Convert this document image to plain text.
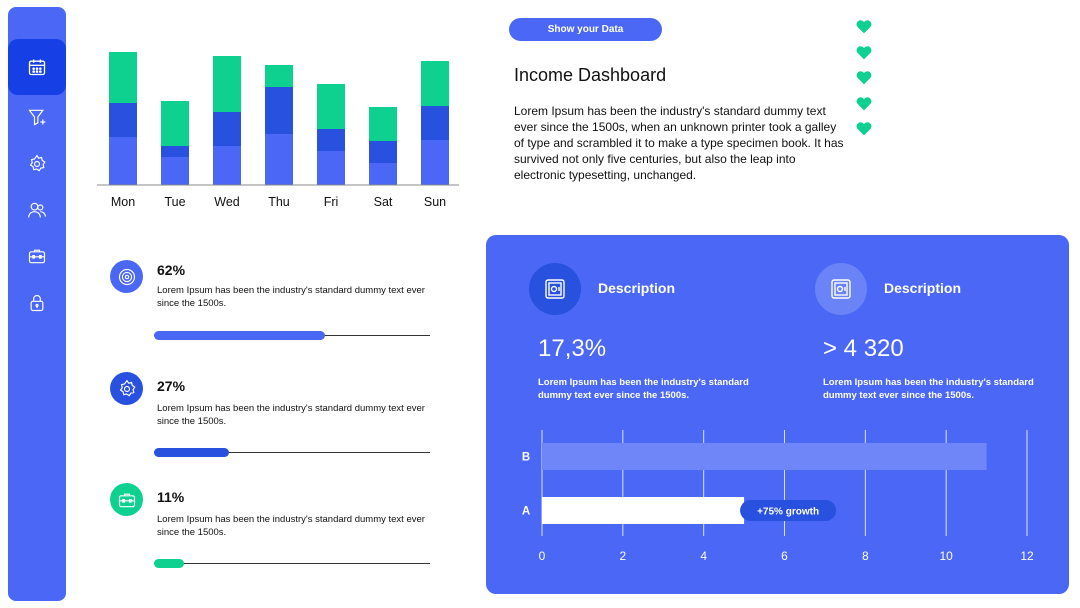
Mon Tue Wed Thu	Fri	Sat	Sun
62%
Lorem Ipsum has been the industry's standard dummy text ever since the 1500s.
27%
Lorem Ipsum has been the industry's standard dummy text ever since the 1500s.
11%
Lorem Ipsum has been the industry's standard dummy text ever since the 1500s.
Show your Data
Income Dashboard
Lorem Ipsum has been the industry's standard dummy text ever since the 1500s, when an unknown printer took a galley of type and scrambled it to make a type specimen book. It has survived not only five centuries, but also the leap into electronic typesetting, unchanged.

Description
17,3%
Lorem Ipsum has been the industry's standard dummy text ever since the 1500s.
Description
> 4 320
Lorem Ipsum has been the industry's standard dummy text ever since the 1500s.
0	2	4	6	8	10	12
B
A	+75% growth
